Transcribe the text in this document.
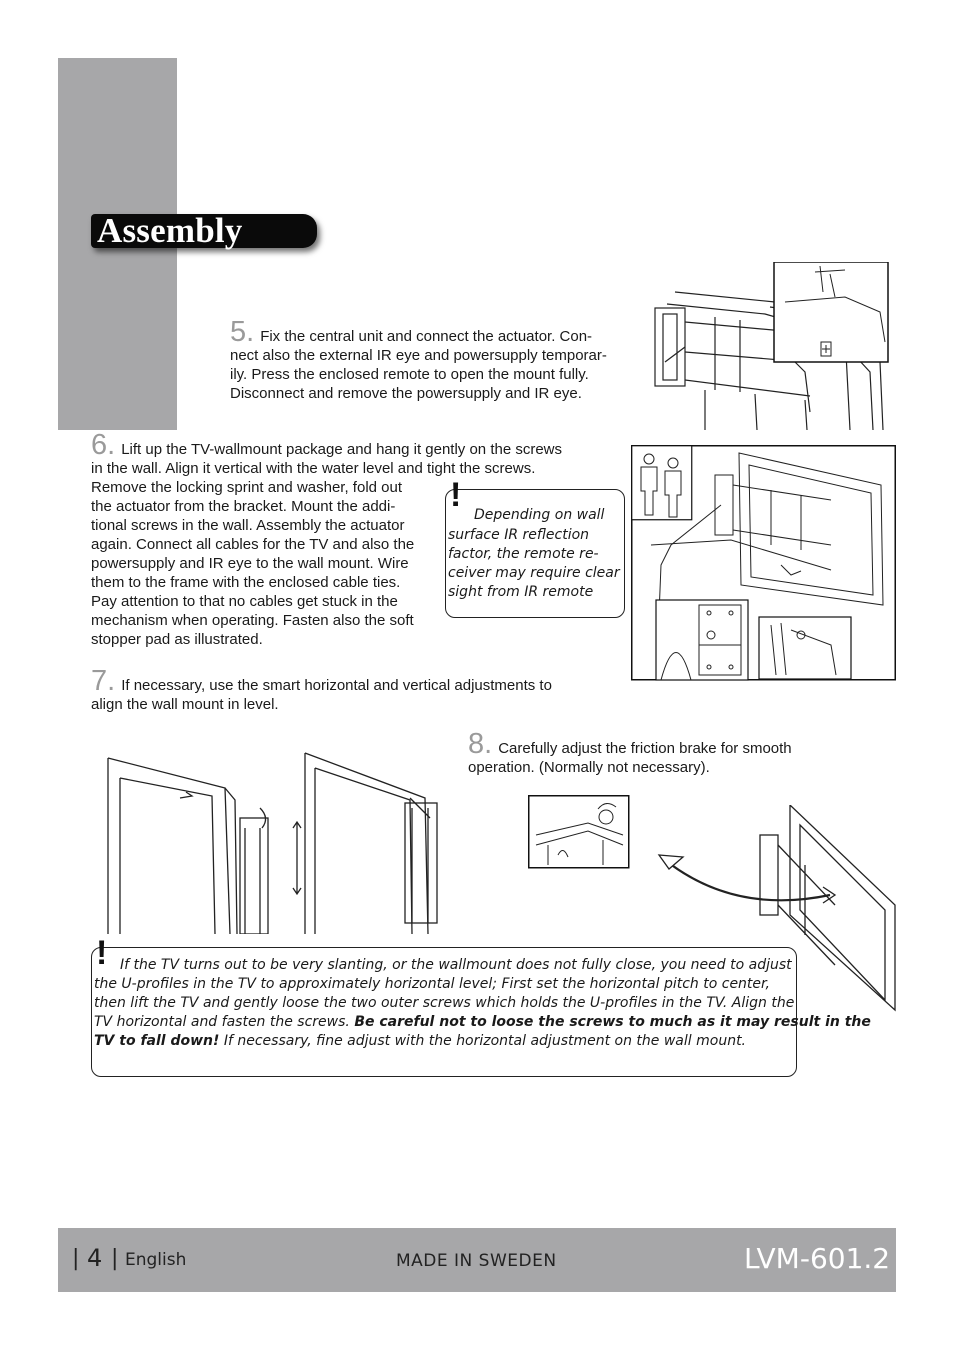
Assembly
5. Fix the central unit and connect the actuator. Con-
nect also the external IR eye and powersupply temporar-
ily. Press the enclosed remote to open the mount fully.
Disconnect and remove the powersupply and IR eye.
6. Lift up the TV-wallmount package and hang it gently on the screws
in the wall. Align it vertical with the water level and tight the screws.
Remove the locking sprint and washer, fold out
the actuator from the bracket. Mount the addi-
tional screws in the wall. Assembly the actuator
again. Connect all cables for the TV and also the
powersupply and IR eye to the wall mount. Wire
them to the frame with the enclosed cable ties.
Pay attention to that no cables get stuck in the
mechanism when operating. Fasten also the soft
stopper pad as illustrated.
!
Depending on wall
surface IR reflection
factor, the remote re-
ceiver may require clear
sight from IR remote
7. If necessary, use the smart horizontal and vertical adjustments to
align the wall mount in level.
8. Carefully adjust the friction brake for smooth
operation. (Normally not necessary).
! If the TV turns out to be very slanting, or the wallmount does not fully close, you need to adjust
the U-profiles in the TV to approximately horizontal level; First set the horizontal pitch to center,
then lift the TV and gently loose the two outer screws which holds the U-profiles in the TV. Align the
TV horizontal and fasten the screws. Be careful not to loose the screws to much as it may result in the
TV to fall down! If necessary, fine adjust with the horizontal adjustment on the wall mount.
| 4 | English	MADE IN SWEDEN	LVM-601.2
